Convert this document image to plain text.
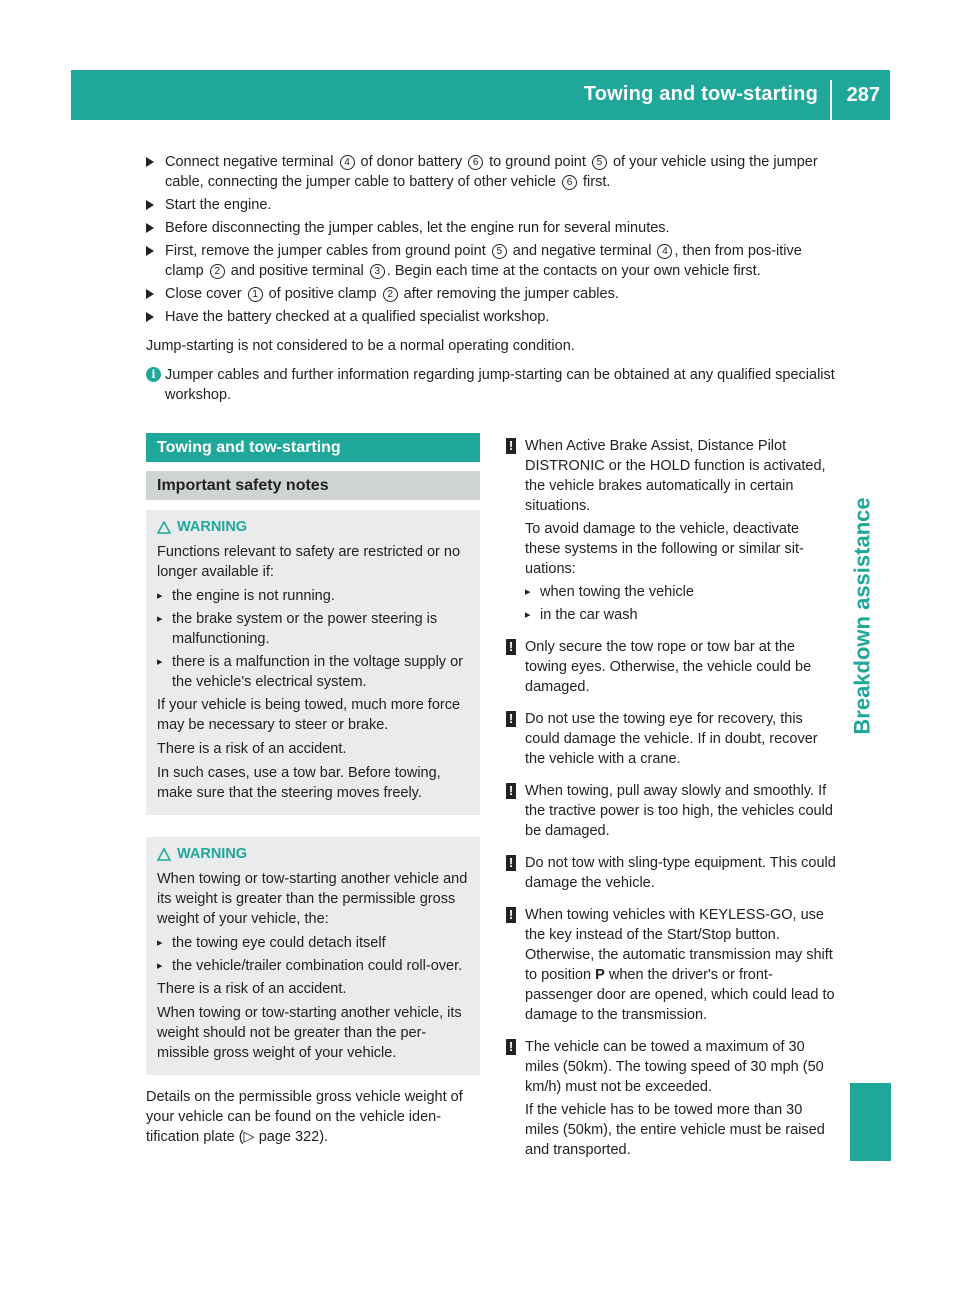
Towing and tow-starting 287
Breakdown assistance
Connect negative terminal 4 of donor battery 6 to ground point 5 of your vehicle using the jumper cable, connecting the jumper cable to battery of other vehicle 6 first.
Start the engine.
Before disconnecting the jumper cables, let the engine run for several minutes.
First, remove the jumper cables from ground point 5 and negative terminal 4 , then from pos-itive clamp 2 and positive terminal 3 . Begin each time at the contacts on your own vehicle first.
Close cover 1 of positive clamp 2 after removing the jumper cables.
Have the battery checked at a qualified specialist workshop.

Jump-starting is not considered to be a normal operating condition.

i Jumper cables and further information regarding jump-starting can be obtained at any qualified specialist workshop.
Towing and tow-starting
Important safety notes
WARNING

Functions relevant to safety are restricted or no longer available if:

▸ the engine is not running.
▸ the brake system or the power steering is malfunctioning.
▸ there is a malfunction in the voltage supply or the vehicle's electrical system.

If your vehicle is being towed, much more force may be necessary to steer or brake.

There is a risk of an accident.

In such cases, use a tow bar. Before towing, make sure that the steering moves freely.

WARNING

When towing or tow-starting another vehicle and its weight is greater than the permissible gross weight of your vehicle, the:

▸ the towing eye could detach itself
▸ the vehicle/trailer combination could roll-over.

There is a risk of an accident.

When towing or tow-starting another vehicle, its weight should not be greater than the per-missible gross weight of your vehicle.

Details on the permissible gross vehicle weight of your vehicle can be found on the vehicle iden-tification plate (▷ page 322).
! When Active Brake Assist, Distance Pilot DISTRONIC or the HOLD function is activated, the vehicle brakes automatically in certain situations.

To avoid damage to the vehicle, deactivate these systems in the following or similar sit-uations:

▸ when towing the vehicle
▸ in the car wash
! Only secure the tow rope or tow bar at the towing eyes. Otherwise, the vehicle could be damaged.

! Do not use the towing eye for recovery, this could damage the vehicle. If in doubt, recover the vehicle with a crane.

! When towing, pull away slowly and smoothly. If the tractive power is too high, the vehicles could be damaged.

! Do not tow with sling-type equipment. This could damage the vehicle.

! When towing vehicles with KEYLESS-GO, use the key instead of the Start/Stop button. Otherwise, the automatic transmission may shift to position P when the driver's or front-passenger door are opened, which could lead to damage to the transmission.

! The vehicle can be towed a maximum of 30 miles (50km). The towing speed of 30 mph (50 km/h) must not be exceeded.

If the vehicle has to be towed more than 30 miles (50km), the entire vehicle must be raised and transported.
